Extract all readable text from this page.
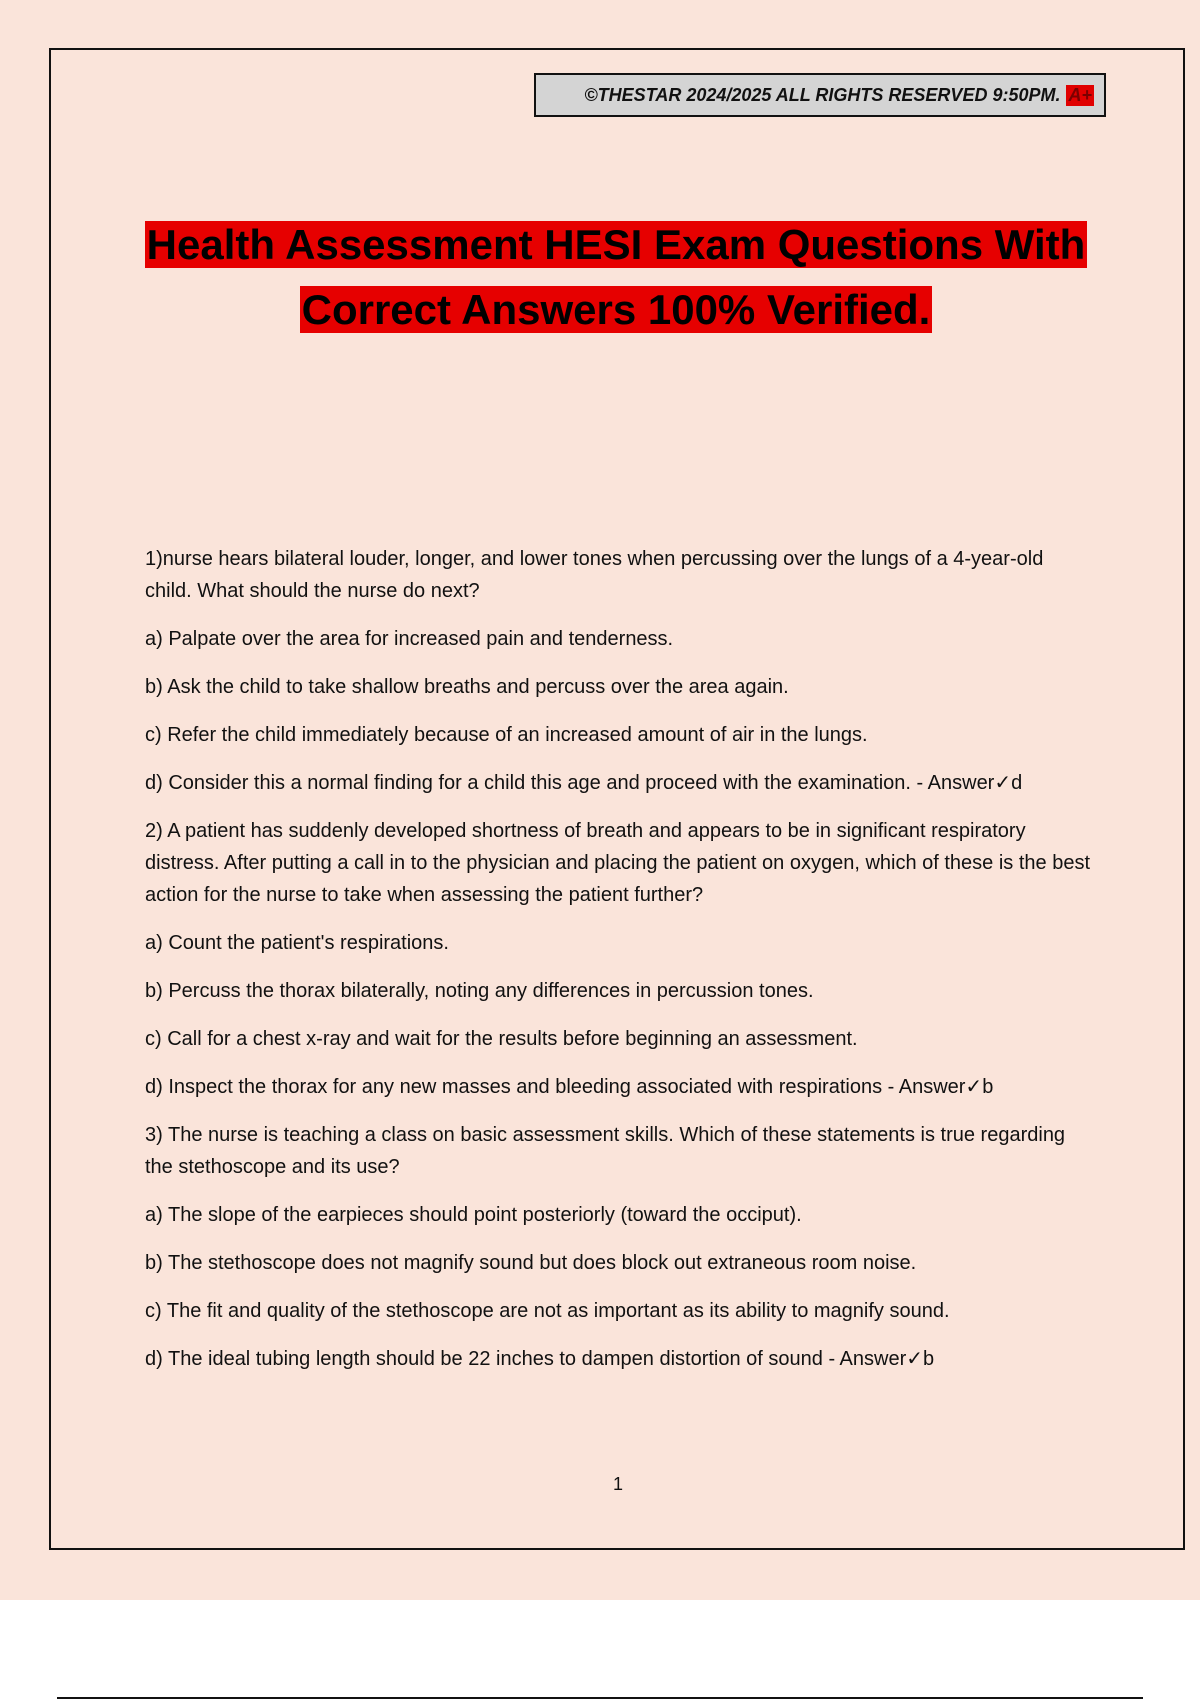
©THESTAR 2024/2025 ALL RIGHTS RESERVED 9:50PM. A+
Health Assessment HESI Exam Questions With
Correct Answers 100% Verified.

1)nurse hears bilateral louder, longer, and lower tones when percussing over the lungs of a 4-year-old child. What should the nurse do next?

a) Palpate over the area for increased pain and tenderness.

b) Ask the child to take shallow breaths and percuss over the area again.

c) Refer the child immediately because of an increased amount of air in the lungs.

d) Consider this a normal finding for a child this age and proceed with the examination. - Answer✓d

2) A patient has suddenly developed shortness of breath and appears to be in significant respiratory distress. After putting a call in to the physician and placing the patient on oxygen, which of these is the best action for the nurse to take when assessing the patient further?

a) Count the patient's respirations.

b) Percuss the thorax bilaterally, noting any differences in percussion tones.

c) Call for a chest x-ray and wait for the results before beginning an assessment.

d) Inspect the thorax for any new masses and bleeding associated with respirations - Answer✓b

3) The nurse is teaching a class on basic assessment skills. Which of these statements is true regarding the stethoscope and its use?

a) The slope of the earpieces should point posteriorly (toward the occiput).

b) The stethoscope does not magnify sound but does block out extraneous room noise.

c) The fit and quality of the stethoscope are not as important as its ability to magnify sound.

d) The ideal tubing length should be 22 inches to dampen distortion of sound - Answer✓b

1
